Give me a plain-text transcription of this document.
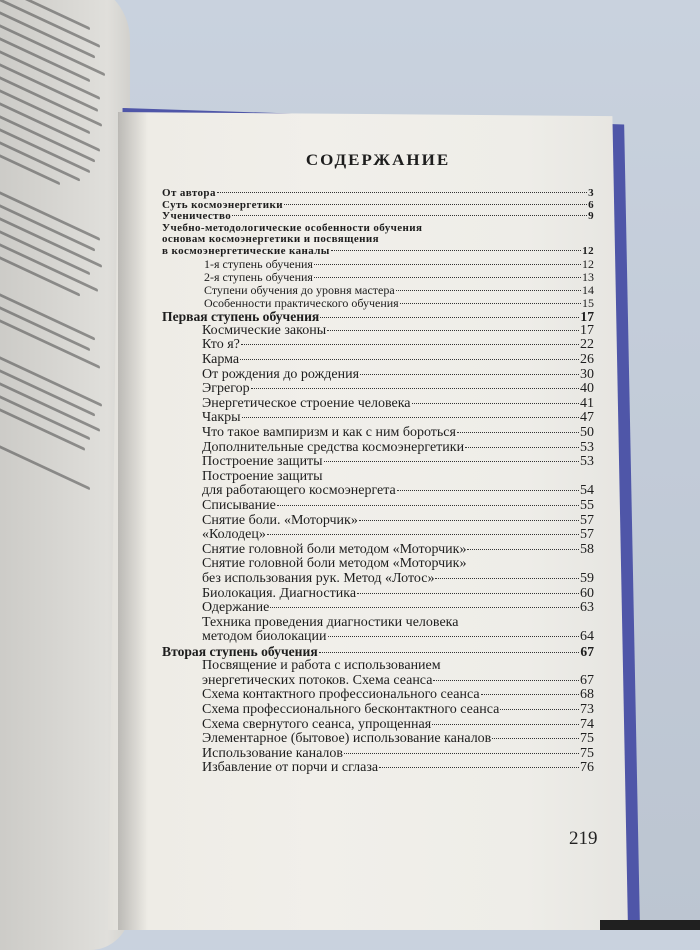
СОДЕРЖАНИЕ
От автора	3
Суть космоэнергетики	6
Ученичество	9
Учебно-методологические особенности обучения
основам космоэнергетики и посвящения
в космоэнергетические каналы	12
1-я ступень обучения	12
2-я ступень обучения	13
Ступени обучения до уровня мастера	14
Особенности практического обучения	15
Первая ступень обучения	17
Космические законы	17
Кто я?	22
Карма	26
От рождения до рождения	30
Эгрегор	40
Энергетическое строение человека	41
Чакры	47
Что такое вампиризм и как с ним бороться	50
Дополнительные средства космоэнергетики	53
Построение защиты	53
Построение защиты
для работающего космоэнергета	54
Списывание	55
Снятие боли. «Моторчик»	57
«Колодец»	57
Снятие головной боли методом «Моторчик»	58
Снятие головной боли методом «Моторчик»
без использования рук. Метод «Лотос»	59
Биолокация. Диагностика	60
Одержание	63
Техника проведения диагностики человека
методом биолокации	64
Вторая ступень обучения	67
Посвящение и работа с использованием
энергетических потоков. Схема сеанса	67
Схема контактного профессионального сеанса	68
Схема профессионального бесконтактного сеанса	73
Схема свернутого сеанса, упрощенная	74
Элементарное (бытовое) использование каналов	75
Использование каналов	75
Избавление от порчи и сглаза	76
219
